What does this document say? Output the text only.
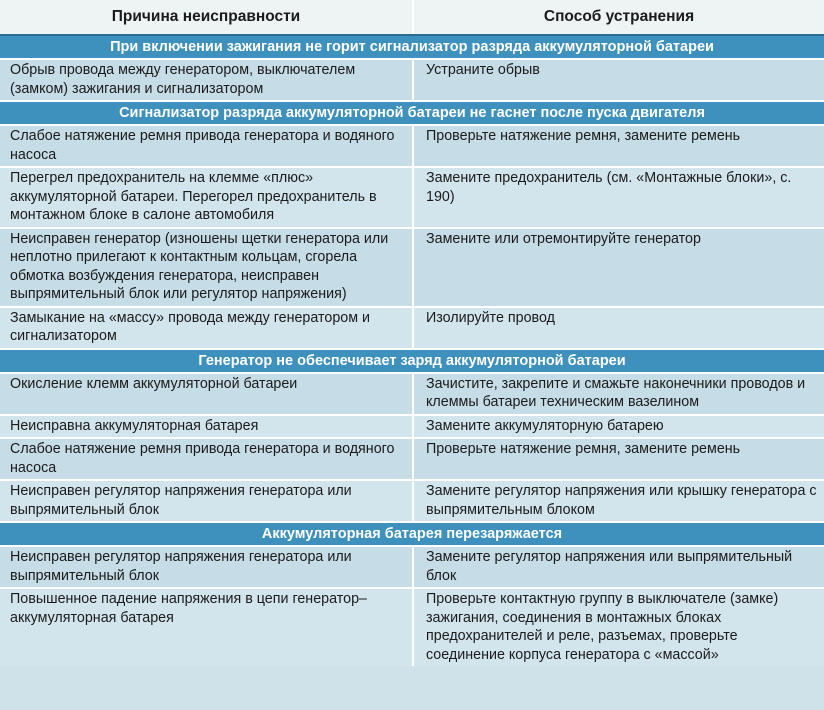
Причина неисправности	Способ устранения
При включении зажигания не горит сигнализатор разряда аккумуляторной батареи	
Обрыв провода между генератором, выключателем (замком) зажигания и сигнализатором	Устраните обрыв
Сигнализатор разряда аккумуляторной батареи не гаснет после пуска двигателя	
Слабое натяжение ремня привода генератора и водяного насоса	Проверьте натяжение ремня, замените ремень
Перегрел предохранитель на клемме «плюс» аккумуляторной батареи. Перегорел предохранитель в монтажном блоке в салоне автомобиля	Замените предохранитель (см. «Монтажные блоки», с. 190)
Неисправен генератор (изношены щетки генератора или неплотно прилегают к контактным кольцам, сгорела обмотка возбуждения генератора, неисправен выпрямительный блок или регулятор напряжения)	Замените или отремонтируйте генератор
Замыкание на «массу» провода между генератором и сигнализатором	Изолируйте провод
Генератор не обеспечивает заряд аккумуляторной батареи	
Окисление клемм аккумуляторной батареи	Зачистите, закрепите и смажьте наконечники проводов и клеммы батареи техническим вазелином
Неисправна аккумуляторная батарея	Замените аккумуляторную батарею
Слабое натяжение ремня привода генератора и водяного насоса	Проверьте натяжение ремня, замените ремень
Неисправен регулятор напряжения генератора или выпрямительный блок	Замените регулятор напряжения или крышку генератора с выпрямительным блоком
Аккумуляторная батарея перезаряжается	
Неисправен регулятор напряжения генератора или выпрямительный блок	Замените регулятор напряжения или выпрямительный блок
Повышенное падение напряжения в цепи генератор–аккумуляторная батарея	Проверьте контактную группу в выключателе (замке) зажигания, соединения в монтажных блоках предохранителей и реле, разъемах, проверьте соединение корпуса генератора с «массой»
